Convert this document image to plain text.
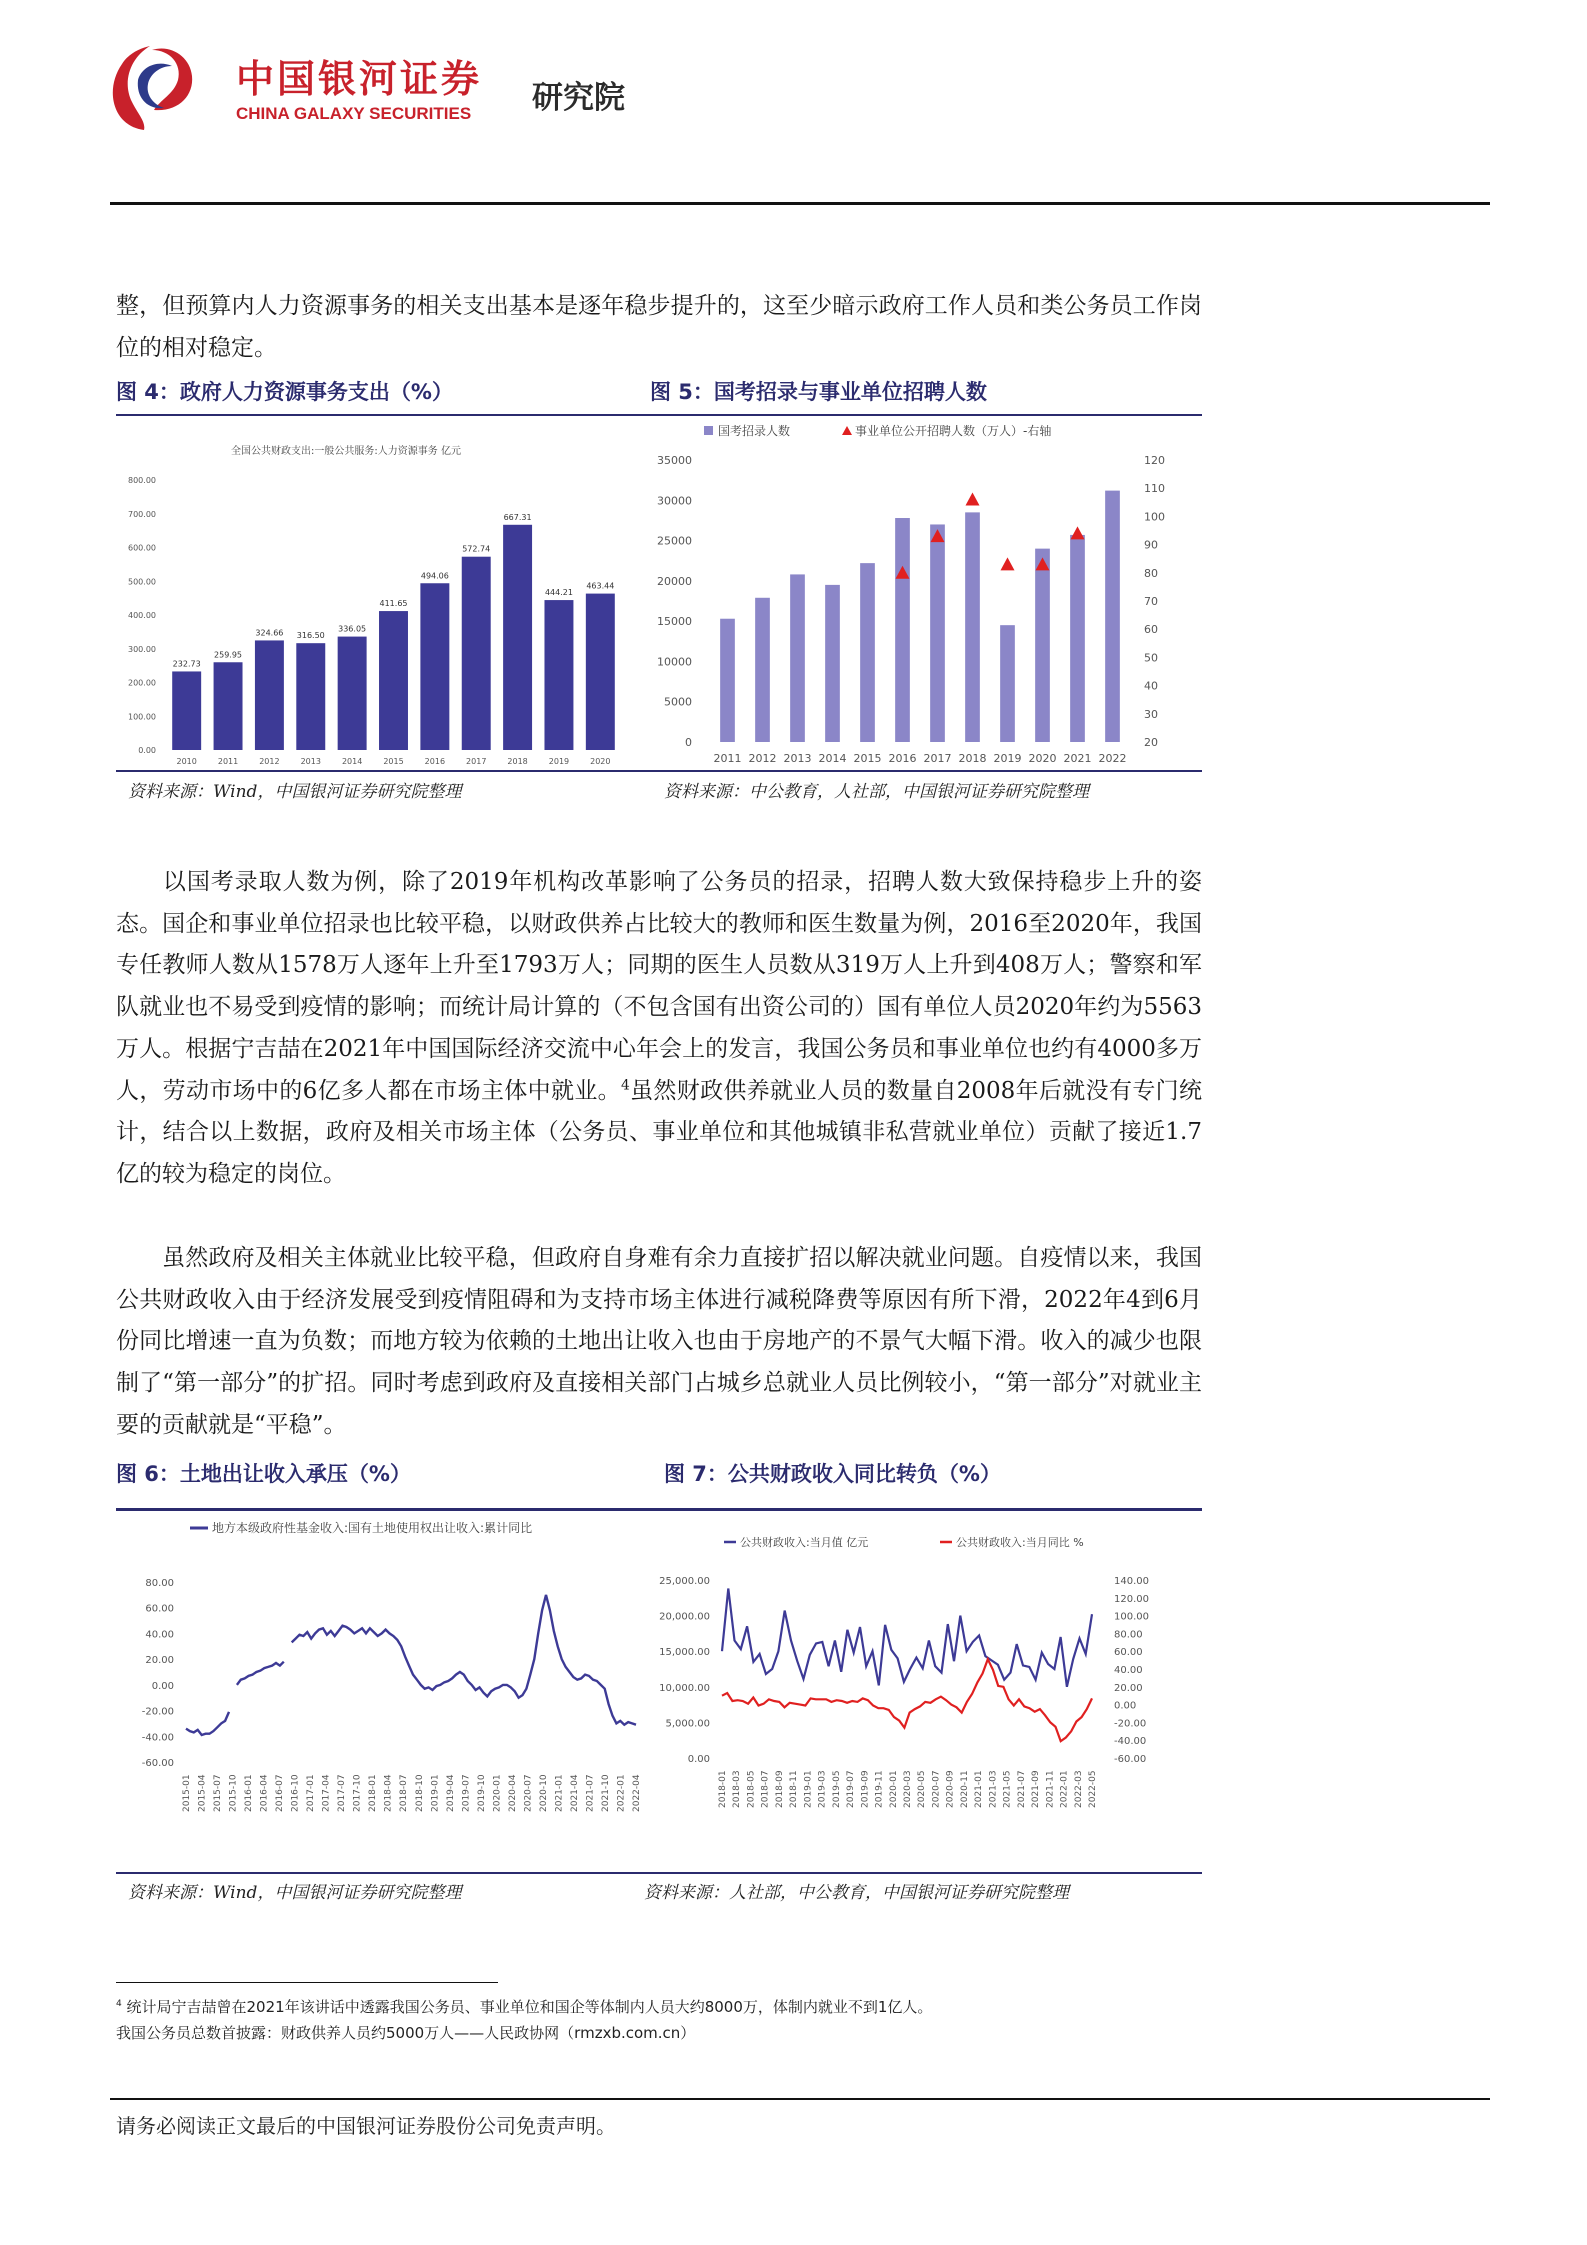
中国银河证券
CHINA GALAXY SECURITIES 研究院

整，但预算内人力资源事务的相关支出基本是逐年稳步提升的，这至少暗示政府工作人员和类公务员工作岗位的相对稳定。

图 4：政府人力资源事务支出（%）	图 5：国考招录与事业单位招聘人数
全国公共财政支出:一般公共服务:人力资源事务 亿元
0.00
100.00
200.00
300.00
400.00
500.00
600.00
700.00
800.00
232.73
2010
259.95
2011
324.66
2012
316.50
2013
336.05
2014
411.65
2015
494.06
2016
572.74
2017
667.31
2018
444.21
2019
463.44
2020
国考招录人数	事业单位公开招聘人数（万人）-右轴
0
5000
10000
15000
20000
25000
30000
35000
20
30
40
50
60
70
80
90
100
110
120
2011 2012 2013 2014 2015 2016 2017 2018 2019 2020 2021 2022
资料来源：Wind，中国银河证券研究院整理	资料来源：中公教育，人社部，中国银河证券研究院整理

以国考录取人数为例，除了2019年机构改革影响了公务员的招录，招聘人数大致保持稳步上升的姿态。国企和事业单位招录也比较平稳，以财政供养占比较大的教师和医生数量为例，2016至2020年，我国专任教师人数从1578万人逐年上升至1793万人；同期的医生人员数从319万人上升到408万人；警察和军队就业也不易受到疫情的影响；而统计局计算的（不包含国有出资公司的）国有单位人员2020年约为5563万人。根据宁吉喆在2021年中国国际经济交流中心年会上的发言，我国公务员和事业单位也约有4000多万人，劳动市场中的6亿多人都在市场主体中就业。$^4$虽然财政供养就业人员的数量自2008年后就没有专门统计，结合以上数据，政府及相关市场主体（公务员、事业单位和其他城镇非私营就业单位）贡献了接近1.7亿的较为稳定的岗位。

虽然政府及相关主体就业比较平稳，但政府自身难有余力直接扩招以解决就业问题。自疫情以来，我国公共财政收入由于经济发展受到疫情阻碍和为支持市场主体进行减税降费等原因有所下滑，2022年4到6月份同比增速一直为负数；而地方较为依赖的土地出让收入也由于房地产的不景气大幅下滑。收入的减少也限制了“第一部分”的扩招。同时考虑到政府及直接相关部门占城乡总就业人员比例较小，“第一部分”对就业主要的贡献就是“平稳”。

图 6：土地出让收入承压（%）	图 7：公共财政收入同比转负（%）
地方本级政府性基金收入:国有土地使用权出让收入:累计同比
-60.00
-40.00
-20.00
0.00
20.00
40.00
60.00
80.00
2015-01 2015-04 2015-07 2015-10 2016-01 2016-04 2016-07 2016-10 2017-01 2017-04 2017-07 2017-10 2018-01 2018-04 2018-07 2018-10 2019-01 2019-04 2019-07 2019-10 2020-01 2020-04 2020-07 2020-10 2021-01 2021-04 2021-07 2021-10 2022-01 2022-04
公共财政收入:当月值 亿元	公共财政收入:当月同比 %
0.00
5,000.00
10,000.00
15,000.00
20,000.00
25,000.00
-60.00
-40.00
-20.00
0.00
20.00
40.00
60.00
80.00
100.00
120.00
140.00
2018-01 2018-03 2018-05 2018-07 2018-09 2018-11 2019-01 2019-03 2019-05 2019-07 2019-09 2019-11 2020-01 2020-03 2020-05 2020-07 2020-09 2020-11 2021-01 2021-03 2021-05 2021-07 2021-09 2021-11 2022-01 2022-03 2022-05
资料来源：Wind，中国银河证券研究院整理	资料来源：人社部，中公教育，中国银河证券研究院整理
$^4$ 统计局宁吉喆曾在2021年该讲话中透露我国公务员、事业单位和国企等体制内人员大约8000万，体制内就业不到1亿人。
我国公务员总数首披露：财政供养人员约5000万人——人民政协网（rmzxb.com.cn）
请务必阅读正文最后的中国银河证券股份公司免责声明。
